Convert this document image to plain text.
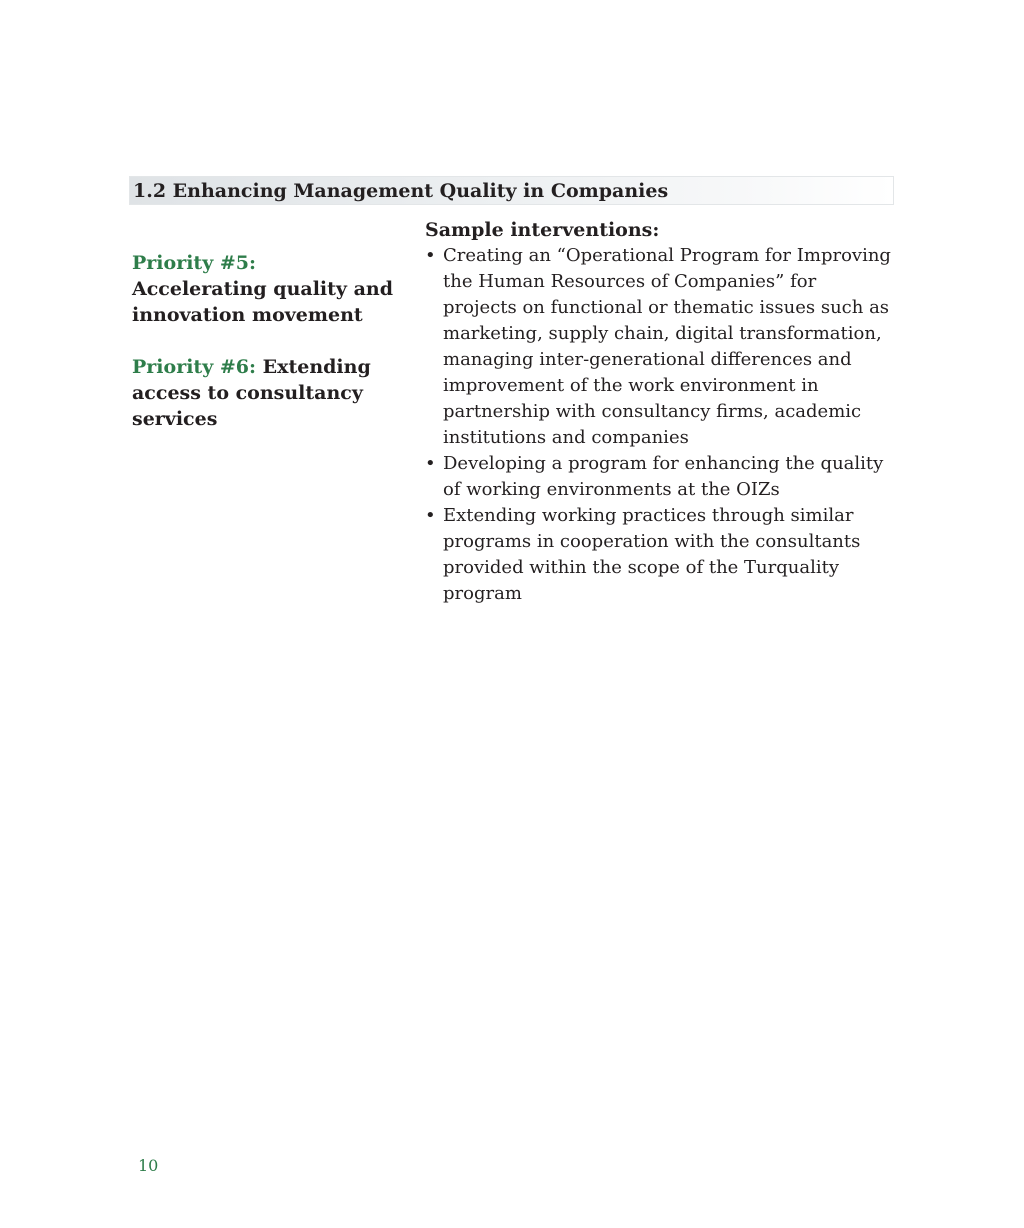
1.2 Enhancing Management Quality in Companies

Priority #5: Accelerating quality and innovation movement

Priority #6: Extending access to consultancy services

Sample interventions:
• Creating an “Operational Program for Improving the Human Resources of Companies” for projects on functional or thematic issues such as marketing, supply chain, digital transformation, managing inter-generational differences and improvement of the work environment in partnership with consultancy firms, academic institutions and companies
• Developing a program for enhancing the quality of working environments at the OIZs
• Extending working practices through similar programs in cooperation with the consultants provided within the scope of the Turquality program
10
